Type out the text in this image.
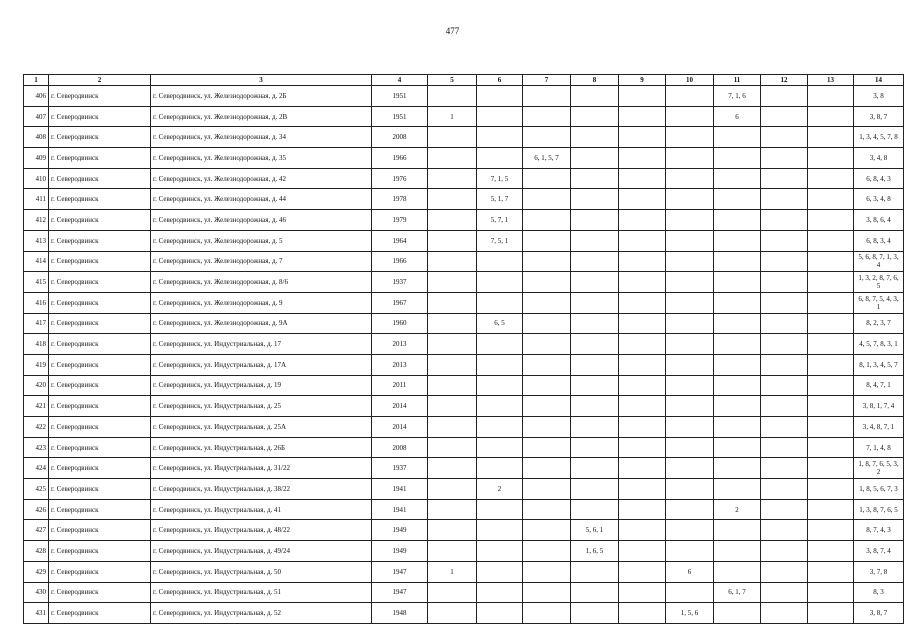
477
1	2	3	4	5	6	7	8	9	10	11	12	13	14
406	г. Северодвинск	г. Северодвинск, ул. Железнодорожная, д. 2Б	1951							7, 1, 6			3, 8
407	г. Северодвинск	г. Северодвинск, ул. Железнодорожная, д. 2В	1951	1						6			3, 8, 7
408	г. Северодвинск	г. Северодвинск, ул. Железнодорожная, д. 34	2008										1, 3, 4, 5, 7, 8
409	г. Северодвинск	г. Северодвинск, ул. Железнодорожная, д. 35	1966			6, 1, 5, 7							3, 4, 8
410	г. Северодвинск	г. Северодвинск, ул. Железнодорожная, д. 42	1976		7, 1, 5								6, 8, 4, 3
411	г. Северодвинск	г. Северодвинск, ул. Железнодорожная, д. 44	1978		5, 1, 7								6, 3, 4, 8
412	г. Северодвинск	г. Северодвинск, ул. Железнодорожная, д. 46	1979		5, 7, 1								3, 8, 6, 4
413	г. Северодвинск	г. Северодвинск, ул. Железнодорожная, д. 5	1964		7, 5, 1								6, 8, 3, 4
414	г. Северодвинск	г. Северодвинск, ул. Железнодорожная, д. 7	1966										5, 6, 8, 7, 1, 3, 4
415	г. Северодвинск	г. Северодвинск, ул. Железнодорожная, д. 8/6	1937										1, 3, 2, 8, 7, 6, 5
416	г. Северодвинск	г. Северодвинск, ул. Железнодорожная, д. 9	1967										6, 8, 7, 5, 4, 3, 1
417	г. Северодвинск	г. Северодвинск, ул. Железнодорожная, д. 9А	1960		6, 5								8, 2, 3, 7
418	г. Северодвинск	г. Северодвинск, ул. Индустриальная, д. 17	2013										4, 5, 7, 8, 3, 1
419	г. Северодвинск	г. Северодвинск, ул. Индустриальная, д. 17А	2013										8, 1, 3, 4, 5, 7
420	г. Северодвинск	г. Северодвинск, ул. Индустриальная, д. 19	2011										8, 4, 7, 1
421	г. Северодвинск	г. Северодвинск, ул. Индустриальная, д. 25	2014										3, 8, 1, 7, 4
422	г. Северодвинск	г. Северодвинск, ул. Индустриальная, д. 25А	2014										3, 4, 8, 7, 1
423	г. Северодвинск	г. Северодвинск, ул. Индустриальная, д. 26Б	2008										7, 1, 4, 8
424	г. Северодвинск	г. Северодвинск, ул. Индустриальная, д. 31/22	1937										1, 8, 7, 6, 5, 3, 2
425	г. Северодвинск	г. Северодвинск, ул. Индустриальная, д. 38/22	1941		2								1, 8, 5, 6, 7, 3
426	г. Северодвинск	г. Северодвинск, ул. Индустриальная, д. 41	1941							2			1, 3, 8, 7, 6, 5
427	г. Северодвинск	г. Северодвинск, ул. Индустриальная, д. 48/22	1949				5, 6, 1						8, 7, 4, 3
428	г. Северодвинск	г. Северодвинск, ул. Индустриальная, д. 49/24	1949				1, 6, 5						3, 8, 7, 4
429	г. Северодвинск	г. Северодвинск, ул. Индустриальная, д. 50	1947	1					6				3, 7, 8
430	г. Северодвинск	г. Северодвинск, ул. Индустриальная, д. 51	1947							6, 1, 7			8, 3
431	г. Северодвинск	г. Северодвинск, ул. Индустриальная, д. 52	1948						1, 5, 6				3, 8, 7
